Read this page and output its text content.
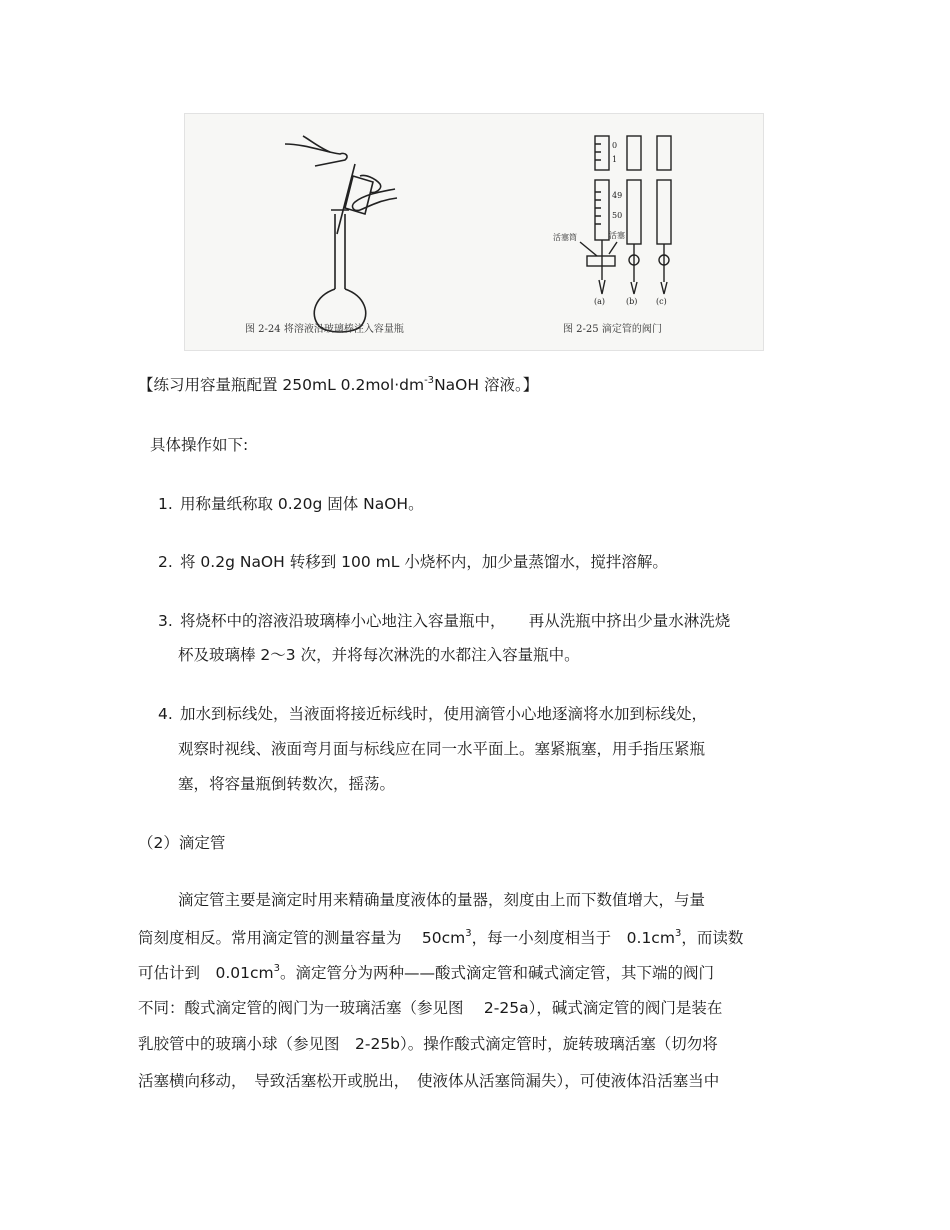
0
1
49
50
活塞筒	活塞
(a)	(b) (c)
图 2-24 将溶液沿玻璃棒注入容量瓶	图 2-25 滴定管的阀门
【练习用容量瓶配置 250mL $0.2mol\cdot dm^{-3}NaOH$ 溶液。】
具体操作如下:
1. 用称量纸称取 0.20g 固体 NaOH。
2. 将 0.2g NaOH 转移到 100 mL 小烧杯内，加少量蒸馏水，搅拌溶解。
3. 将烧杯中的溶液沿玻璃棒小心地注入容量瓶中，　　再从洗瓶中挤出少量水淋洗烧
杯及玻璃棒 2～3 次，并将每次淋洗的水都注入容量瓶中。
4. 加水到标线处，当液面将接近标线时，使用滴管小心地逐滴将水加到标线处，
观察时视线、液面弯月面与标线应在同一水平面上。塞紧瓶塞，用手指压紧瓶
塞，将容量瓶倒转数次，摇荡。
（2）滴定管
滴定管主要是滴定时用来精确量度液体的量器，刻度由上而下数值增大，与量
筒刻度相反。常用滴定管的测量容量为　 $50cm^3$，每一小刻度相当于　$0.1cm^3$，而读数
可估计到　$0.01cm^3$。滴定管分为两种——酸式滴定管和碱式滴定管，其下端的阀门
不同：酸式滴定管的阀门为一玻璃活塞（参见图　 2-25a），碱式滴定管的阀门是装在
乳胶管中的玻璃小球（参见图　2-25b）。操作酸式滴定管时，旋转玻璃活塞（切勿将
活塞横向移动，　导致活塞松开或脱出，　使液体从活塞筒漏失），可使液体沿活塞当中
